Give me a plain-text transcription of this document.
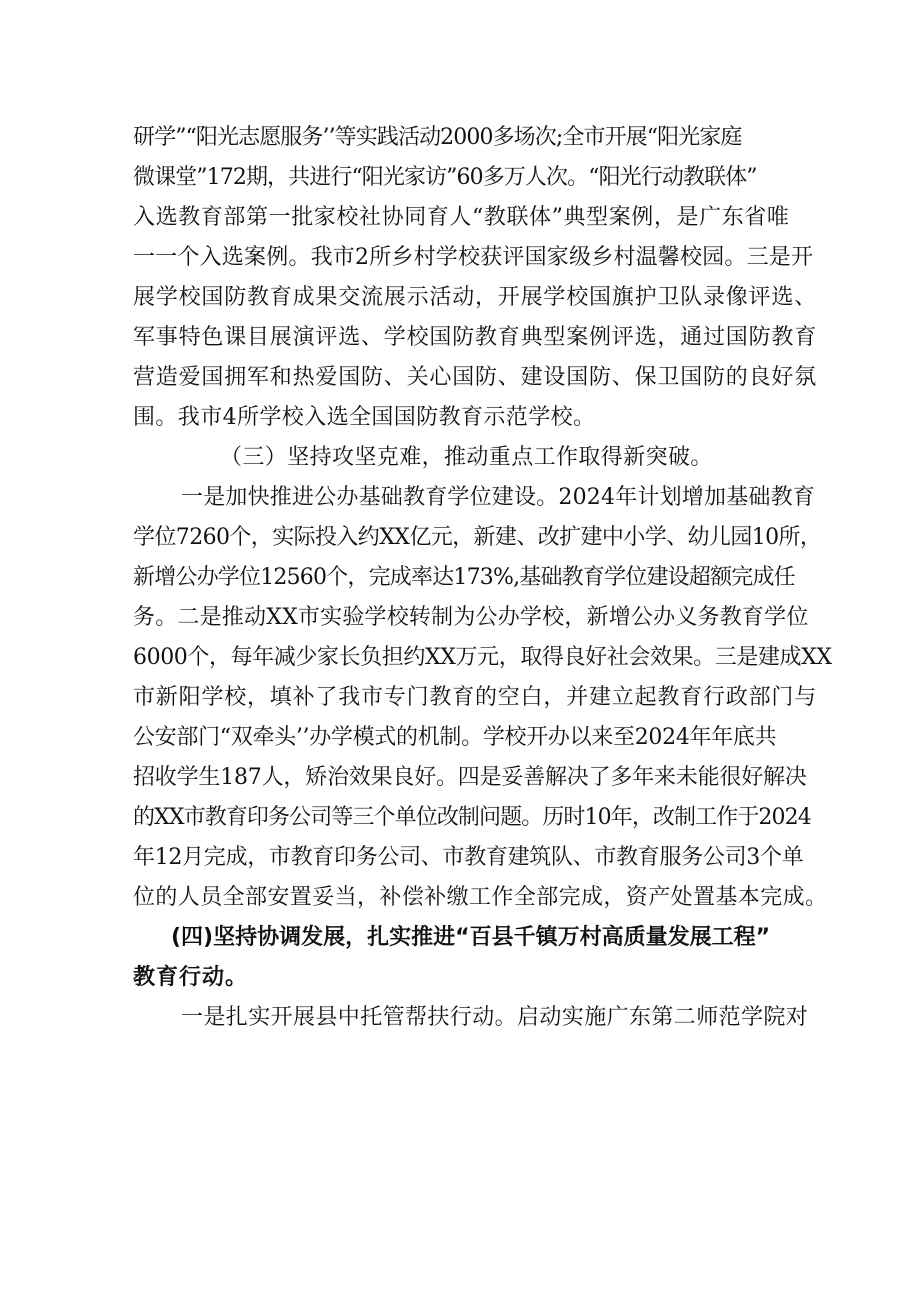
研学”“阳光志愿服务’’等实践活动2000多场次;全市开展“阳光家庭
微课堂”172期，共进行“阳光家访”60多万人次。“阳光行动教联体”
入选教育部第一批家校社协同育人“教联体”典型案例，是广东省唯
一一个入选案例。我市2所乡村学校获评国家级乡村温馨校园。三是开
展学校国防教育成果交流展示活动，开展学校国旗护卫队录像评选、
军事特色课目展演评选、学校国防教育典型案例评选，通过国防教育
营造爱国拥军和热爱国防、关心国防、建设国防、保卫国防的良好氛
围。我市4所学校入选全国国防教育示范学校。
（三）坚持攻坚克难，推动重点工作取得新突破。
一是加快推进公办基础教育学位建设。2024年计划增加基础教育
学位7260个，实际投入约XX亿元，新建、改扩建中小学、幼儿园10所，
新增公办学位12560个，完成率达173%,基础教育学位建设超额完成任
务。二是推动XX市实验学校转制为公办学校，新增公办义务教育学位
6000个，每年减少家长负担约XX万元，取得良好社会效果。三是建成XX
市新阳学校，填补了我市专门教育的空白，并建立起教育行政部门与
公安部门“双牵头’’办学模式的机制。学校开办以来至2024年年底共
招收学生187人，矫治效果良好。四是妥善解决了多年来未能很好解决
的XX市教育印务公司等三个单位改制问题。历时10年，改制工作于2024
年12月完成，市教育印务公司、市教育建筑队、市教育服务公司3个单
位的人员全部安置妥当，补偿补缴工作全部完成，资产处置基本完成。
(四)坚持协调发展，扎实推进“百县千镇万村高质量发展工程”
教育行动。
一是扎实开展县中托管帮扶行动。启动实施广东第二师范学院对
